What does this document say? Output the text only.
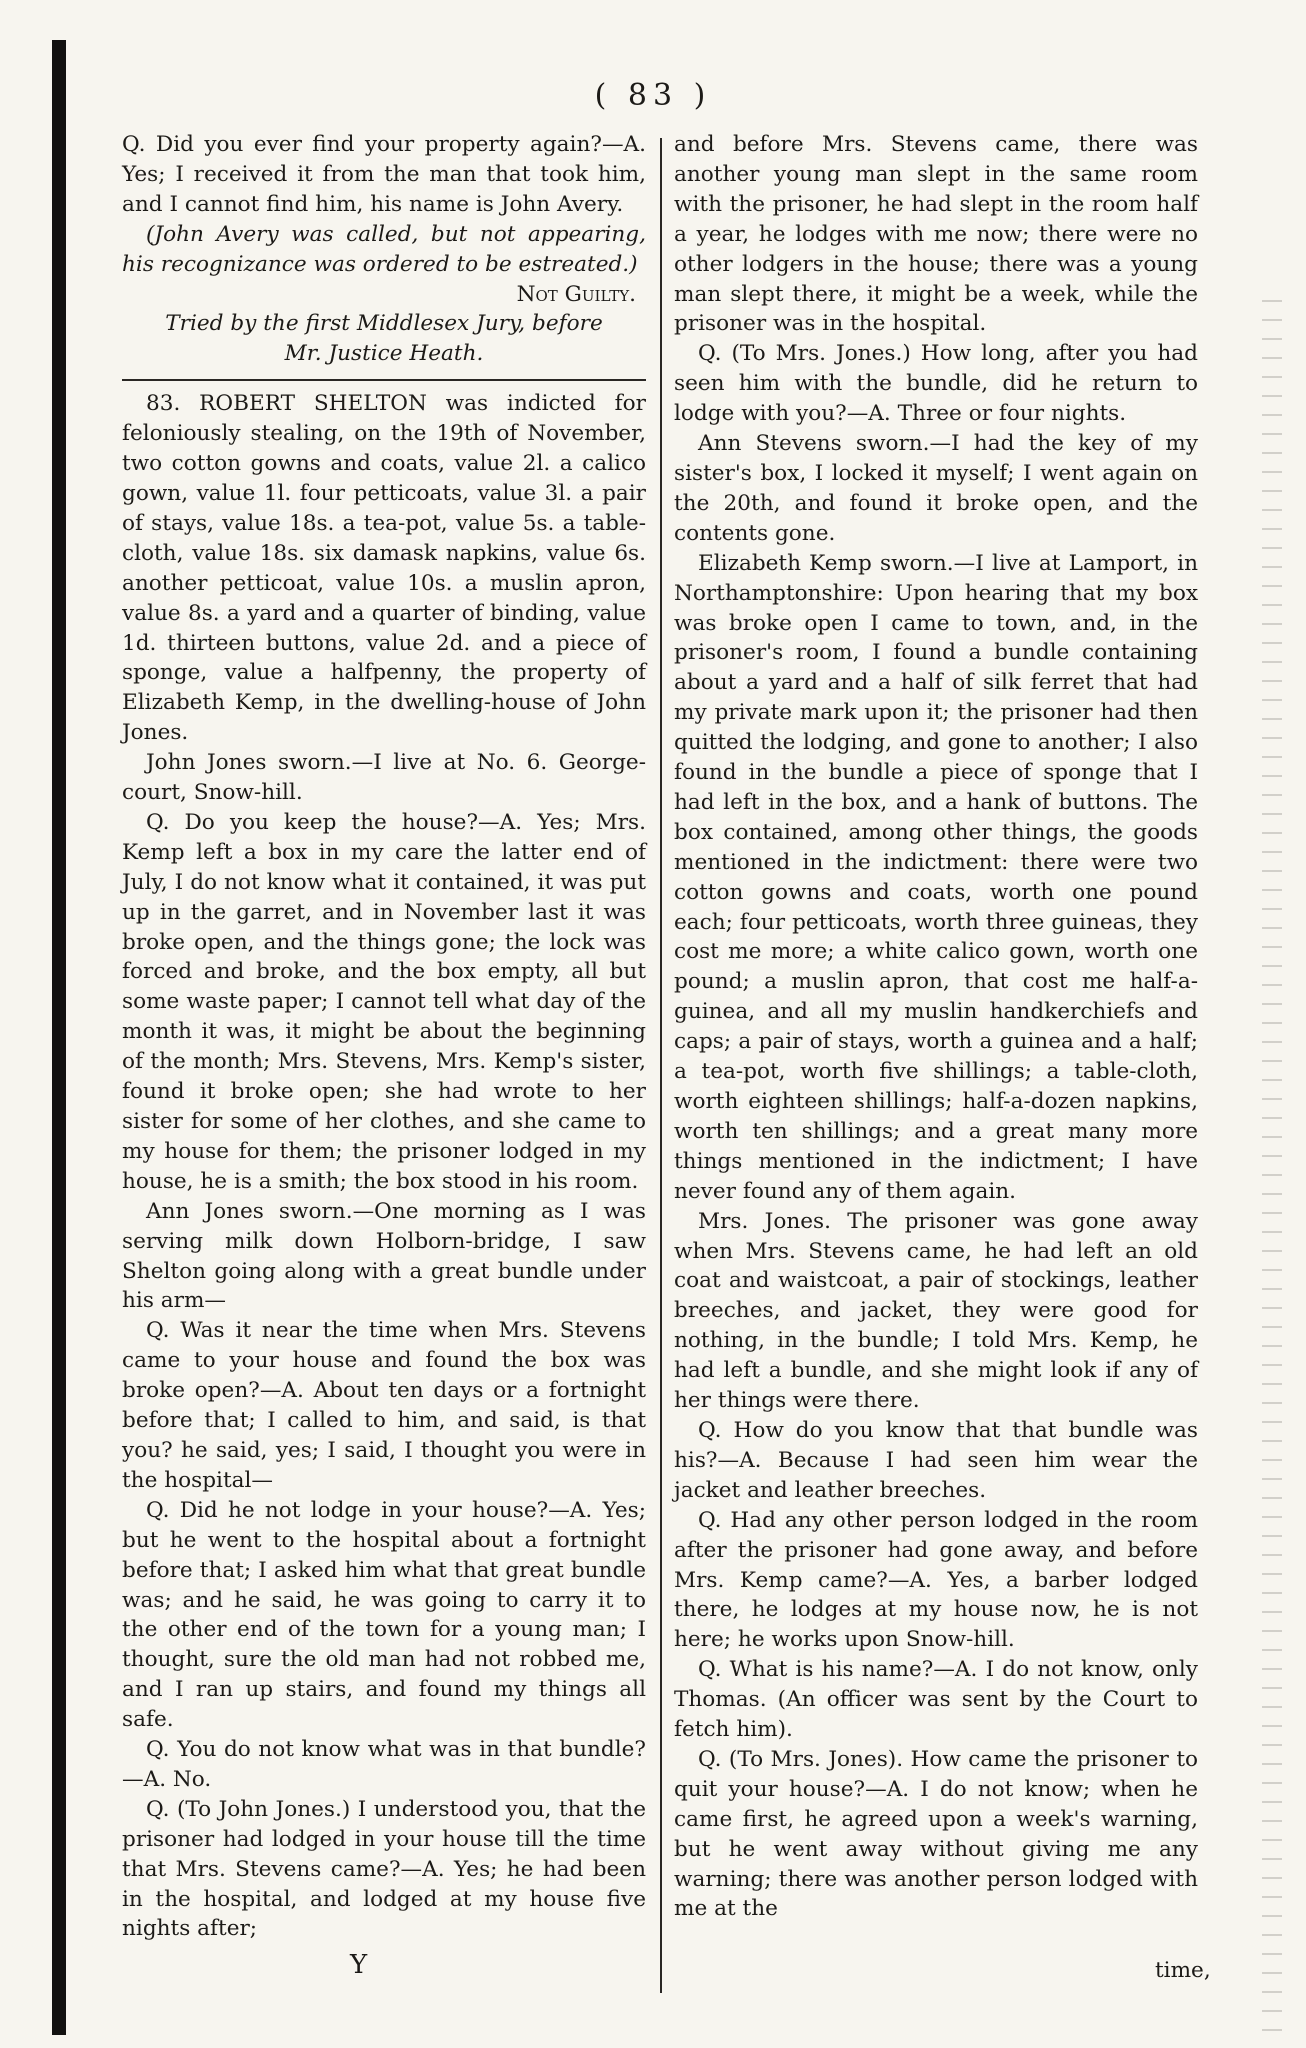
( 83 )

Q. Did you ever find your property again?—A. Yes; I received it from the man that took him, and I cannot find him, his name is John Avery.

(John Avery was called, but not appearing, his recognizance was ordered to be estreated.)

Not Guilty.

Tried by the first Middlesex Jury, before

Mr. Justice Heath.

83. ROBERT SHELTON was indicted for feloniously stealing, on the 19th of November, two cotton gowns and coats, value 2l. a calico gown, value 1l. four petticoats, value 3l. a pair of stays, value 18s. a tea-pot, value 5s. a table-cloth, value 18s. six damask napkins, value 6s. another petticoat, value 10s. a muslin apron, value 8s. a yard and a quarter of binding, value 1d. thirteen buttons, value 2d. and a piece of sponge, value a halfpenny, the property of Elizabeth Kemp, in the dwelling-house of John Jones.

John Jones sworn.—I live at No. 6. George-court, Snow-hill.

Q. Do you keep the house?—A. Yes; Mrs. Kemp left a box in my care the latter end of July, I do not know what it contained, it was put up in the garret, and in November last it was broke open, and the things gone; the lock was forced and broke, and the box empty, all but some waste paper; I cannot tell what day of the month it was, it might be about the beginning of the month; Mrs. Stevens, Mrs. Kemp's sister, found it broke open; she had wrote to her sister for some of her clothes, and she came to my house for them; the prisoner lodged in my house, he is a smith; the box stood in his room.

Ann Jones sworn.—One morning as I was serving milk down Holborn-bridge, I saw Shelton going along with a great bundle under his arm—

Q. Was it near the time when Mrs. Stevens came to your house and found the box was broke open?—A. About ten days or a fortnight before that; I called to him, and said, is that you? he said, yes; I said, I thought you were in the hospital—

Q. Did he not lodge in your house?—A. Yes; but he went to the hospital about a fortnight before that; I asked him what that great bundle was; and he said, he was going to carry it to the other end of the town for a young man; I thought, sure the old man had not robbed me, and I ran up stairs, and found my things all safe.

Q. You do not know what was in that bundle?—A. No.

Q. (To John Jones.) I understood you, that the prisoner had lodged in your house till the time that Mrs. Stevens came?—A. Yes; he had been in the hospital, and lodged at my house five nights after;

and before Mrs. Stevens came, there was another young man slept in the same room with the prisoner, he had slept in the room half a year, he lodges with me now; there were no other lodgers in the house; there was a young man slept there, it might be a week, while the prisoner was in the hospital.

Q. (To Mrs. Jones.) How long, after you had seen him with the bundle, did he return to lodge with you?—A. Three or four nights.

Ann Stevens sworn.—I had the key of my sister's box, I locked it myself; I went again on the 20th, and found it broke open, and the contents gone.

Elizabeth Kemp sworn.—I live at Lamport, in Northamptonshire: Upon hearing that my box was broke open I came to town, and, in the prisoner's room, I found a bundle containing about a yard and a half of silk ferret that had my private mark upon it; the prisoner had then quitted the lodging, and gone to another; I also found in the bundle a piece of sponge that I had left in the box, and a hank of buttons. The box contained, among other things, the goods mentioned in the indictment: there were two cotton gowns and coats, worth one pound each; four petticoats, worth three guineas, they cost me more; a white calico gown, worth one pound; a muslin apron, that cost me half-a-guinea, and all my muslin handkerchiefs and caps; a pair of stays, worth a guinea and a half; a tea-pot, worth five shillings; a table-cloth, worth eighteen shillings; half-a-dozen napkins, worth ten shillings; and a great many more things mentioned in the indictment; I have never found any of them again.

Mrs. Jones. The prisoner was gone away when Mrs. Stevens came, he had left an old coat and waistcoat, a pair of stockings, leather breeches, and jacket, they were good for nothing, in the bundle; I told Mrs. Kemp, he had left a bundle, and she might look if any of her things were there.

Q. How do you know that that bundle was his?—A. Because I had seen him wear the jacket and leather breeches.

Q. Had any other person lodged in the room after the prisoner had gone away, and before Mrs. Kemp came?—A. Yes, a barber lodged there, he lodges at my house now, he is not here; he works upon Snow-hill.

Q. What is his name?—A. I do not know, only Thomas. (An officer was sent by the Court to fetch him).

Q. (To Mrs. Jones). How came the prisoner to quit your house?—A. I do not know; when he came first, he agreed upon a week's warning, but he went away without giving me any warning; there was another person lodged with me at the

Y	time,
